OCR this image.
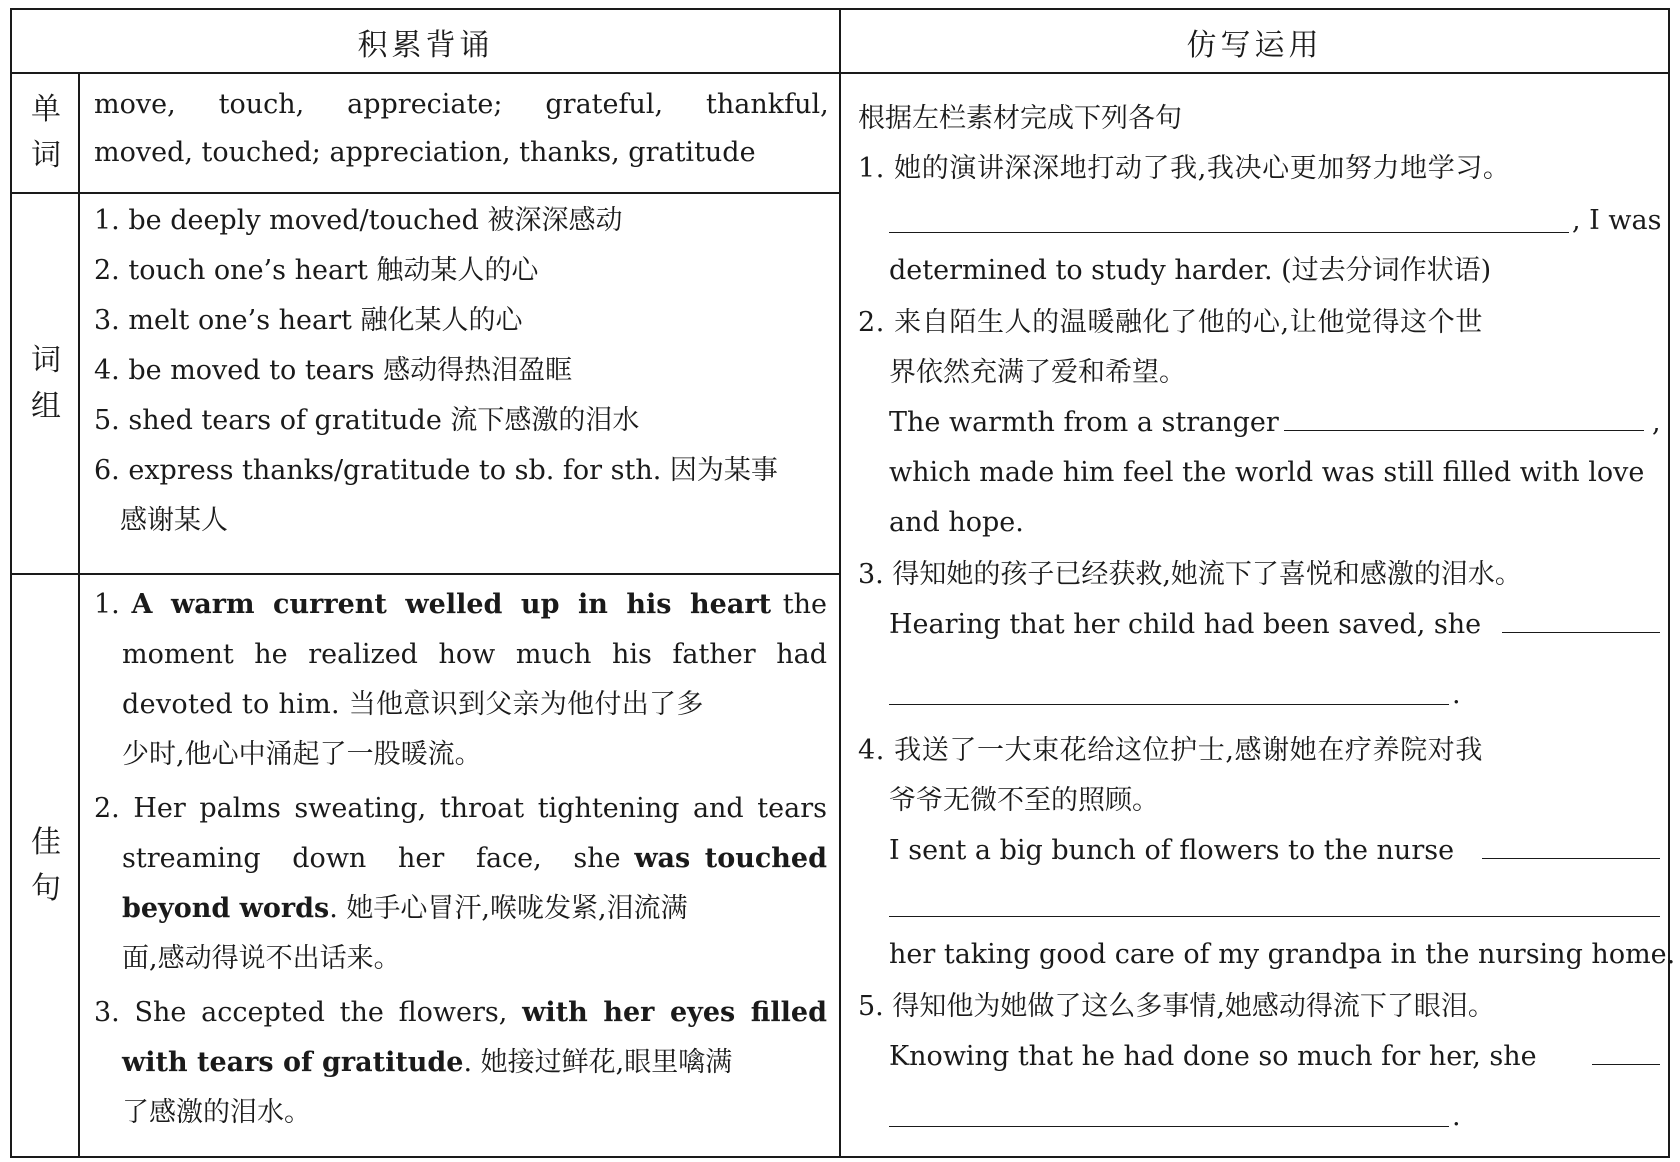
积累背诵	仿写运用
单
词
move, touch, appreciate; grateful, thankful,
moved, touched; appreciation, thanks, gratitude
词
组
1. be deeply moved/touched 被深深感动
2. touch one’s heart 触动某人的心
3. melt one’s heart 融化某人的心
4. be moved to tears 感动得热泪盈眶
5. shed tears of gratitude 流下感激的泪水
6. express thanks/gratitude to sb. for sth. 因为某事
感谢某人
佳
句
1. A warm current welled up in his heart the
moment he realized how much his father had
devoted to him. 当他意识到父亲为他付出了多
少时,他心中涌起了一股暖流。
2. Her palms sweating, throat tightening and tears
streaming down her face, she was touched
beyond words. 她手心冒汗,喉咙发紧,泪流满
面,感动得说不出话来。
3. She accepted the flowers, with her eyes filled
with tears of gratitude. 她接过鲜花,眼里噙满
了感激的泪水。
根据左栏素材完成下列各句
1. 她的演讲深深地打动了我,我决心更加努力地学习。
, I was
determined to study harder. (过去分词作状语)
2. 来自陌生人的温暖融化了他的心,让他觉得这个世
界依然充满了爱和希望。
The warmth from a stranger	,
which made him feel the world was still filled with love
and hope.
3. 得知她的孩子已经获救,她流下了喜悦和感激的泪水。
Hearing that her child had been saved, she
.
4. 我送了一大束花给这位护士,感谢她在疗养院对我
爷爷无微不至的照顾。
I sent a big bunch of flowers to the nurse
her taking good care of my grandpa in the nursing home.
5. 得知他为她做了这么多事情,她感动得流下了眼泪。
Knowing that he had done so much for her, she
.
